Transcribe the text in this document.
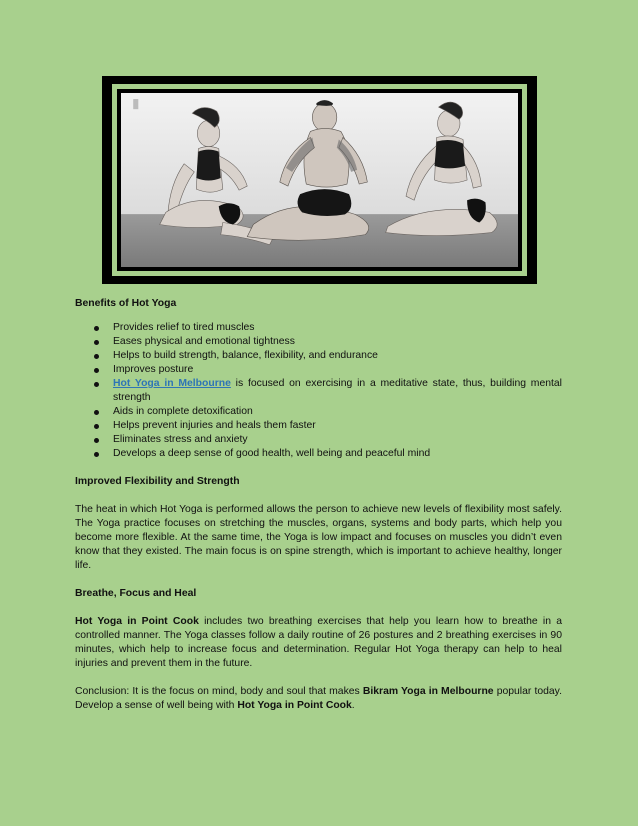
Benefits of Hot Yoga
Provides relief to tired muscles
Eases physical and emotional tightness
Helps to build strength, balance, flexibility, and endurance
Improves posture
Hot Yoga in Melbourne is focused on exercising in a meditative state, thus, building mental strength
Aids in complete detoxification
Helps prevent injuries and heals them faster
Eliminates stress and anxiety
Develops a deep sense of good health, well being and peaceful mind
Improved Flexibility and Strength

The heat in which Hot Yoga is performed allows the person to achieve new levels of flexibility most safely. The Yoga practice focuses on stretching the muscles, organs, systems and body parts, which help you become more flexible. At the same time, the Yoga is low impact and focuses on muscles you didn’t even know that they existed. The main focus is on spine strength, which is important to achieve healthy, longer life.

Breathe, Focus and Heal

Hot Yoga in Point Cook includes two breathing exercises that help you learn how to breathe in a controlled manner. The Yoga classes follow a daily routine of 26 postures and 2 breathing exercises in 90 minutes, which help to increase focus and determination. Regular Hot Yoga therapy can help to heal injuries and prevent them in the future.

Conclusion: It is the focus on mind, body and soul that makes Bikram Yoga in Melbourne popular today. Develop a sense of well being with Hot Yoga in Point Cook.
